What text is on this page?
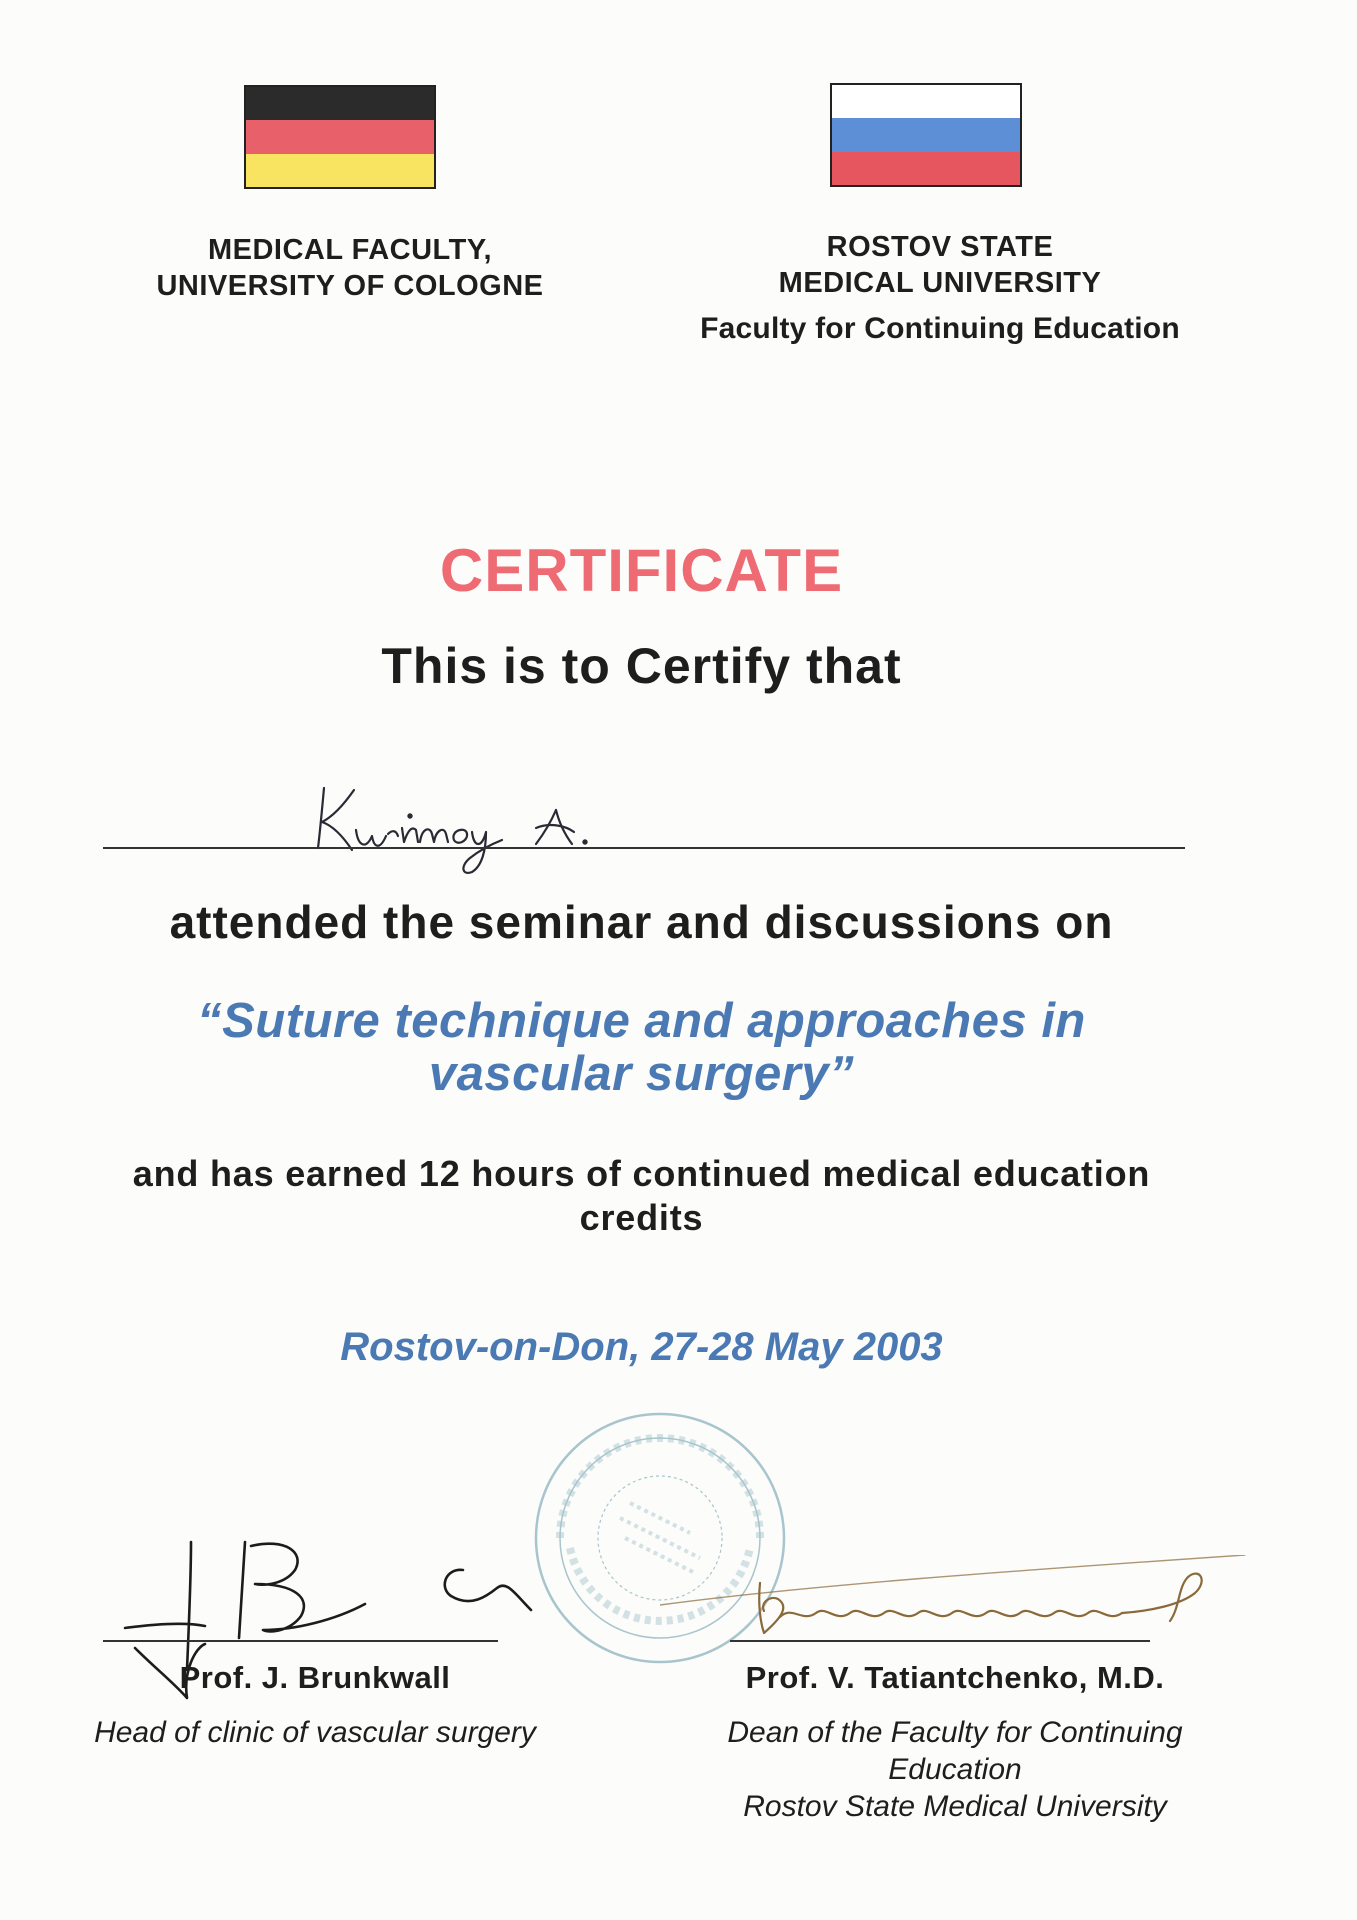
MEDICAL FACULTY,
UNIVERSITY OF COLOGNE
ROSTOV STATE
MEDICAL UNIVERSITY
Faculty for Continuing Education
CERTIFICATE
This is to Certify that
attended the seminar and discussions on
“Suture technique and approaches in
vascular surgery”
and has earned 12 hours of continued medical education
credits
Rostov-on-Don, 27-28 May 2003
Prof. J. Brunkwall
Head of clinic of vascular surgery
Prof. V. Tatiantchenko, M.D.
Dean of the Faculty for Continuing
Education
Rostov State Medical University
